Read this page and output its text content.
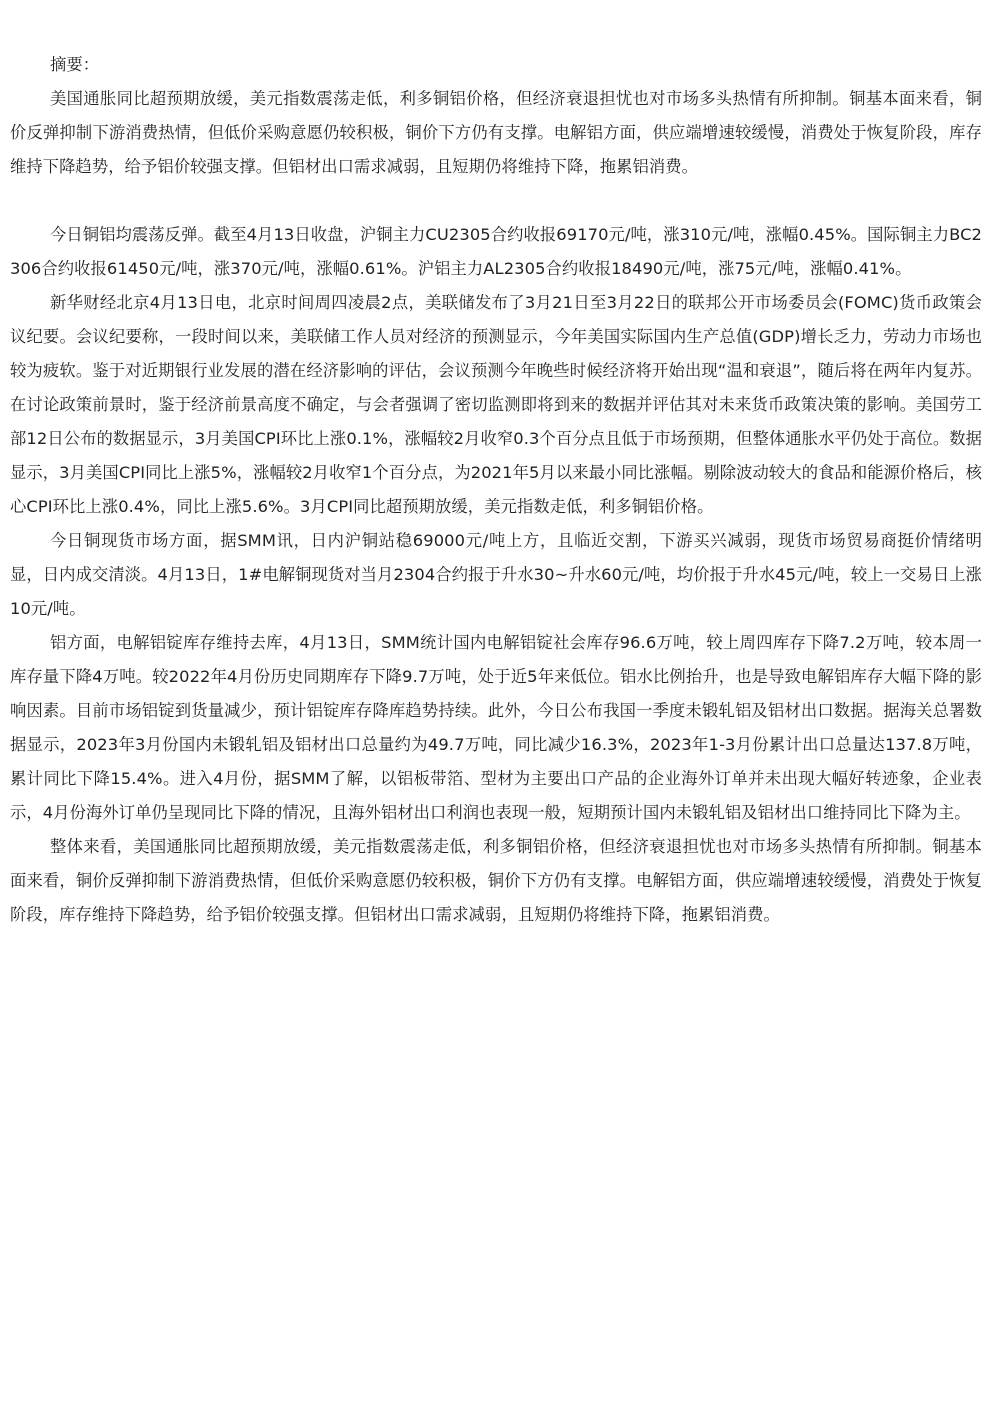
摘要：

美国通胀同比超预期放缓，美元指数震荡走低，利多铜铝价格，但经济衰退担忧也对市场多头热情有所抑制。铜基本面来看，铜价反弹抑制下游消费热情，但低价采购意愿仍较积极，铜价下方仍有支撑。电解铝方面，供应端增速较缓慢，消费处于恢复阶段，库存维持下降趋势，给予铝价较强支撑。但铝材出口需求减弱，且短期仍将维持下降，拖累铝消费。

今日铜铝均震荡反弹。截至4月13日收盘，沪铜主力CU2305合约收报69170元/吨，涨310元/吨，涨幅0.45%。国际铜主力BC2306合约收报61450元/吨，涨370元/吨，涨幅0.61%。沪铝主力AL2305合约收报18490元/吨，涨75元/吨，涨幅0.41%。

新华财经北京4月13日电，北京时间周四凌晨2点，美联储发布了3月21日至3月22日的联邦公开市场委员会(FOMC)货币政策会议纪要。会议纪要称，一段时间以来，美联储工作人员对经济的预测显示，今年美国实际国内生产总值(GDP)增长乏力，劳动力市场也较为疲软。鉴于对近期银行业发展的潜在经济影响的评估，会议预测今年晚些时候经济将开始出现“温和衰退”，随后将在两年内复苏。在讨论政策前景时，鉴于经济前景高度不确定，与会者强调了密切监测即将到来的数据并评估其对未来货币政策决策的影响。美国劳工部12日公布的数据显示，3月美国CPI环比上涨0.1%，涨幅较2月收窄0.3个百分点且低于市场预期，但整体通胀水平仍处于高位。数据显示，3月美国CPI同比上涨5%，涨幅较2月收窄1个百分点，为2021年5月以来最小同比涨幅。剔除波动较大的食品和能源价格后，核心CPI环比上涨0.4%，同比上涨5.6%。3月CPI同比超预期放缓，美元指数走低，利多铜铝价格。

今日铜现货市场方面，据SMM讯，日内沪铜站稳69000元/吨上方，且临近交割，下游买兴减弱，现货市场贸易商挺价情绪明显，日内成交清淡。4月13日，1#电解铜现货对当月2304合约报于升水30~升水60元/吨，均价报于升水45元/吨，较上一交易日上涨10元/吨。

铝方面，电解铝锭库存维持去库，4月13日，SMM统计国内电解铝锭社会库存96.6万吨，较上周四库存下降7.2万吨，较本周一库存量下降4万吨。较2022年4月份历史同期库存下降9.7万吨，处于近5年来低位。铝水比例抬升，也是导致电解铝库存大幅下降的影响因素。目前市场铝锭到货量减少，预计铝锭库存降库趋势持续。此外，今日公布我国一季度未锻轧铝及铝材出口数据。据海关总署数据显示，2023年3月份国内未锻轧铝及铝材出口总量约为49.7万吨，同比减少16.3%，2023年1-3月份累计出口总量达137.8万吨，累计同比下降15.4%。进入4月份，据SMM了解，以铝板带箔、型材为主要出口产品的企业海外订单并未出现大幅好转迹象，企业表示，4月份海外订单仍呈现同比下降的情况，且海外铝材出口利润也表现一般，短期预计国内未锻轧铝及铝材出口维持同比下降为主。

整体来看，美国通胀同比超预期放缓，美元指数震荡走低，利多铜铝价格，但经济衰退担忧也对市场多头热情有所抑制。铜基本面来看，铜价反弹抑制下游消费热情，但低价采购意愿仍较积极，铜价下方仍有支撑。电解铝方面，供应端增速较缓慢，消费处于恢复阶段，库存维持下降趋势，给予铝价较强支撑。但铝材出口需求减弱，且短期仍将维持下降，拖累铝消费。
